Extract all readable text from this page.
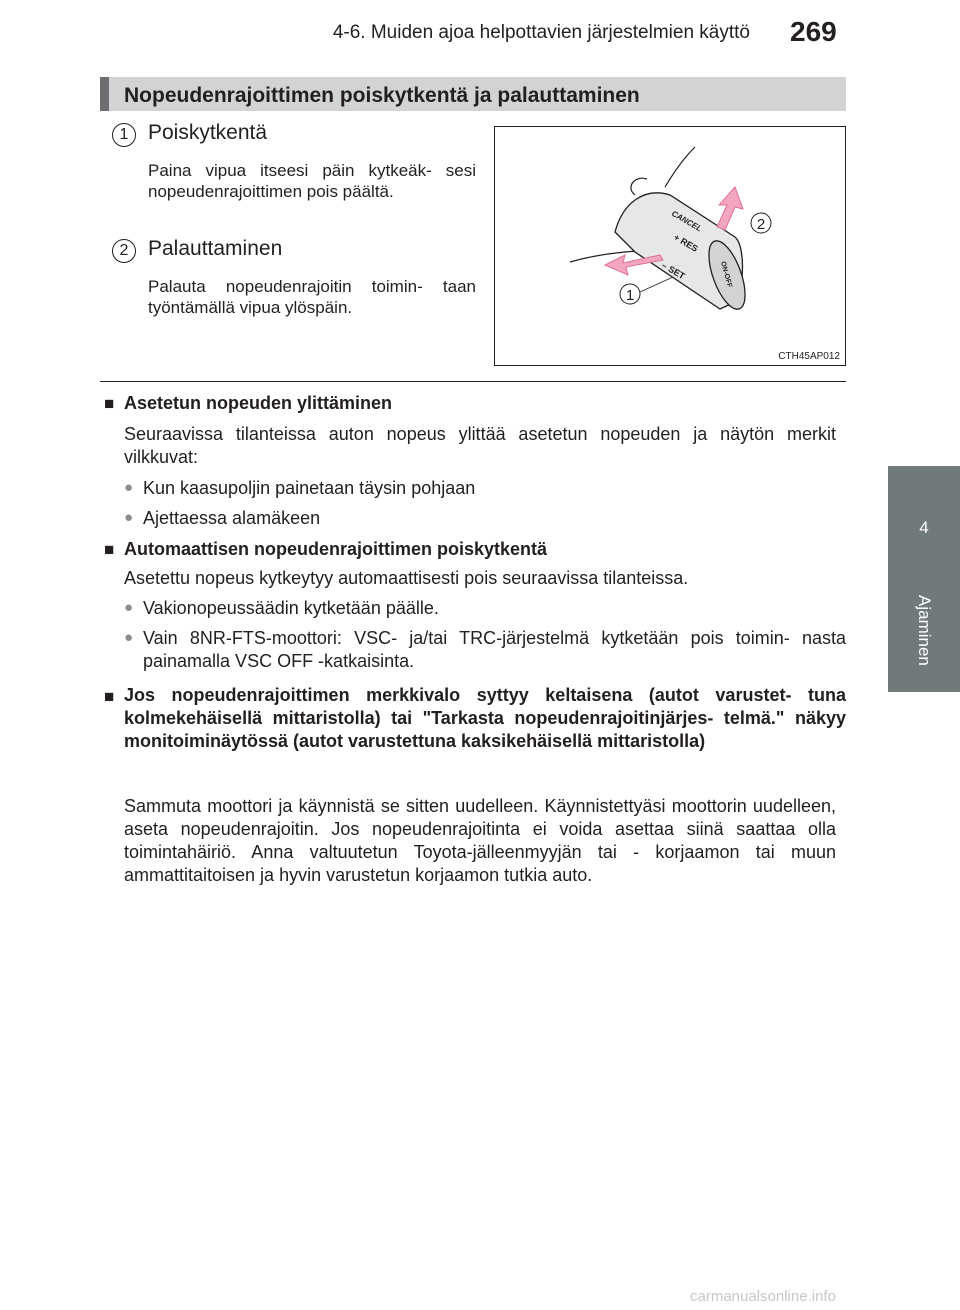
4-6. Muiden ajoa helpottavien järjestelmien käyttö 269
4
Ajaminen
Nopeudenrajoittimen poiskytkentä ja palauttaminen
1 Poiskytkentä
Paina vipua itseesi päin kytkeäk- sesi nopeudenrajoittimen pois päältä.
2 Palauttaminen
Palauta nopeudenrajoitin toimin- taan työntämällä vipua ylöspäin.
CANCEL
+ RES
– SET	ON-OFF
1
2
CTH45AP012
■ Asetetun nopeuden ylittäminen
Seuraavissa tilanteissa auton nopeus ylittää asetetun nopeuden ja näytön merkit vilkkuvat:
● Kun kaasupoljin painetaan täysin pohjaan
● Ajettaessa alamäkeen
■ Automaattisen nopeudenrajoittimen poiskytkentä
Asetettu nopeus kytkeytyy automaattisesti pois seuraavissa tilanteissa.
● Vakionopeussäädin kytketään päälle.
● Vain 8NR-FTS-moottori: VSC- ja/tai TRC-järjestelmä kytketään pois toimin- nasta painamalla VSC OFF -katkaisinta.
■ Jos nopeudenrajoittimen merkkivalo syttyy keltaisena (autot varustet- tuna kolmekehäisellä mittaristolla) tai "Tarkasta nopeudenrajoitinjärjes- telmä." näkyy monitoiminäytössä (autot varustettuna kaksikehäisellä mittaristolla)
Sammuta moottori ja käynnistä se sitten uudelleen. Käynnistettyäsi moottorin uudelleen, aseta nopeudenrajoitin. Jos nopeudenrajoitinta ei voida asettaa siinä saattaa olla toimintahäiriö. Anna valtuutetun Toyota-jälleenmyyjän tai - korjaamon tai muun ammattitaitoisen ja hyvin varustetun korjaamon tutkia auto.
carmanualsonline.info
